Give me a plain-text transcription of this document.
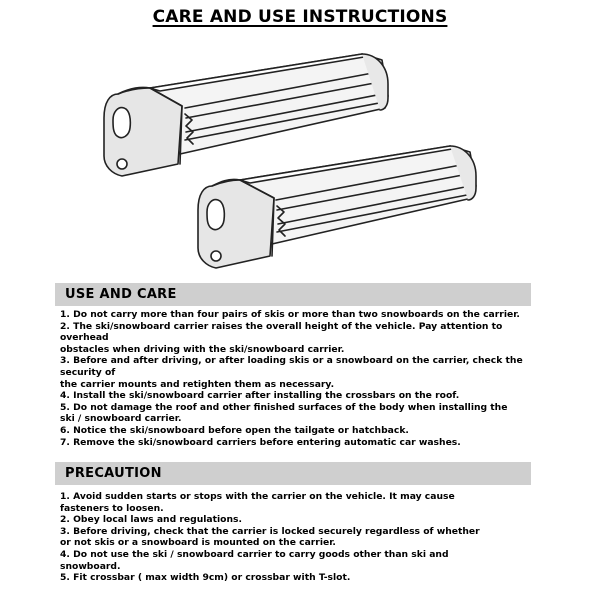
CARE AND USE INSTRUCTIONS
USE AND CARE
1. Do not carry more than four pairs of skis or more than two snowboards on the carrier.
2. The ski/snowboard carrier raises the overall height of the vehicle. Pay attention to
overhead
obstacles when driving with the ski/snowboard carrier.
3. Before and after driving, or after loading skis or a snowboard on the carrier, check the
security of
the carrier mounts and retighten them as necessary.
4. Install the ski/snowboard carrier after installing the crossbars on the roof.
5. Do not damage the roof and other finished surfaces of the body when installing the
ski / snowboard carrier.
6. Notice the ski/snowboard before open the tailgate or hatchback.
7. Remove the ski/snowboard carriers before entering automatic car washes.
PRECAUTION
1. Avoid sudden starts or stops with the carrier on the vehicle. It may cause
fasteners to loosen.
2. Obey local laws and regulations.
3. Before driving, check that the carrier is locked securely regardless of whether
or not skis or a snowboard is mounted on the carrier.
4. Do not use the ski / snowboard carrier to carry goods other than ski and
snowboard.
5. Fit crossbar ( max width 9cm) or crossbar with T-slot.
